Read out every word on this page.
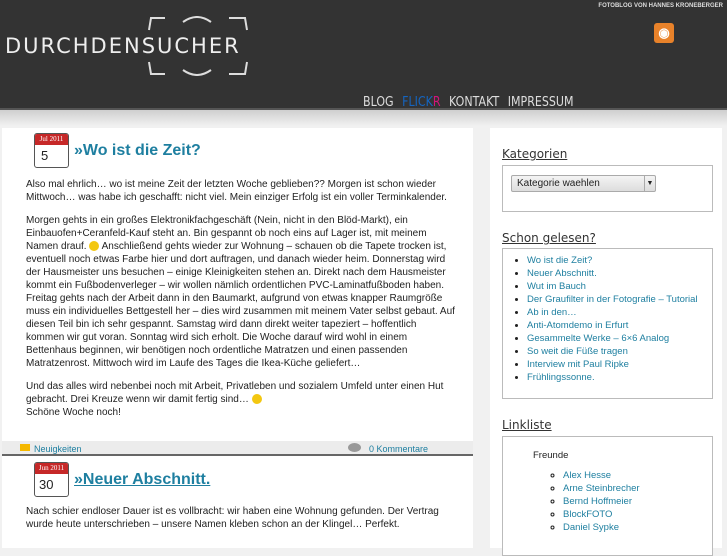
DURCHDENSUCHER
FOTOBLOG VON HANNES KRONEBERGER
◉
BLOG FLICKR KONTAKT IMPRESSUM
Jul 2011
5	»Wo ist die Zeit?

Also mal ehrlich… wo ist meine Zeit der letzten Woche geblieben?? Morgen ist schon wieder Mittwoch… was habe ich geschafft: nicht viel. Mein einziger Erfolg ist ein voller Terminkalender.

Morgen gehts in ein großes Elektronikfachgeschäft (Nein, nicht in den Blöd-Markt), ein Einbauofen+Ceranfeld-Kauf steht an. Bin gespannt ob noch eins auf Lager ist, mit meinem Namen drauf. Anschließend gehts wieder zur Wohnung – schauen ob die Tapete trocken ist, eventuell noch etwas Farbe hier und dort auftragen, und danach wieder heim. Donnerstag wird der Hausmeister uns besuchen – einige Kleinigkeiten stehen an. Direkt nach dem Hausmeister kommt ein Fußbodenverleger – wir wollen nämlich ordentlichen PVC-Laminatfußboden haben.
Freitag gehts nach der Arbeit dann in den Baumarkt, aufgrund von etwas knapper Raumgröße muss ein individuelles Bettgestell her – dies wird zusammen mit meinem Vater selbst gebaut. Auf diesen Teil bin ich sehr gespannt. Samstag wird dann direkt weiter tapeziert – hoffentlich kommen wir gut voran. Sonntag wird sich erholt. Die Woche darauf wird wohl in einem Bettenhaus beginnen, wir benötigen noch ordentliche Matratzen und einen passenden Matratzenrost. Mittwoch wird im Laufe des Tages die Ikea-Küche geliefert…

Und das alles wird nebenbei noch mit Arbeit, Privatleben und sozialem Umfeld unter einen Hut gebracht. Drei Kreuze wenn wir damit fertig sind…
Schöne Woche noch!

Neuigkeiten	0 Kommentare
Jun 2011
30	»Neuer Abschnitt.

Nach schier endloser Dauer ist es vollbracht: wir haben eine Wohnung gefunden. Der Vertrag wurde heute unterschrieben – unsere Namen kleben schon an der Klingel… Perfekt.

Kategorien
Kategorie waehlen	▼
Schon gelesen?
• Wo ist die Zeit?
• Neuer Abschnitt.
• Wut im Bauch
• Der Graufilter in der Fotografie – Tutorial
• Ab in den…
• Anti-Atomdemo in Erfurt
• Gesammelte Werke – 6×6 Analog
• So weit die Füße tragen
• Interview mit Paul Ripke
• Frühlingssonne.
Linkliste
Freunde
◦ Alex Hesse
◦ Arne Steinbrecher
◦ Bernd Hoffmeier
◦ BlockFOTO
◦ Daniel Sypke
